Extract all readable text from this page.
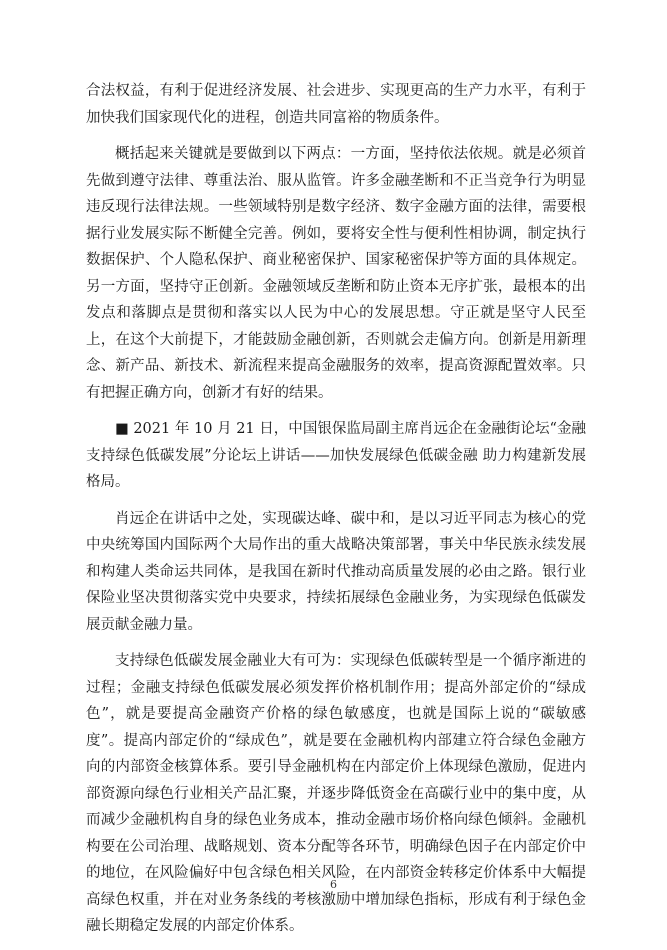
合法权益，有利于促进经济发展、社会进步、实现更高的生产力水平，有利于加快我们国家现代化的进程，创造共同富裕的物质条件。

概括起来关键就是要做到以下两点：一方面，坚持依法依规。就是必须首先做到遵守法律、尊重法治、服从监管。许多金融垄断和不正当竞争行为明显违反现行法律法规。一些领域特别是数字经济、数字金融方面的法律，需要根据行业发展实际不断健全完善。例如，要将安全性与便利性相协调，制定执行数据保护、个人隐私保护、商业秘密保护、国家秘密保护等方面的具体规定。另一方面，坚持守正创新。金融领域反垄断和防止资本无序扩张，最根本的出发点和落脚点是贯彻和落实以人民为中心的发展思想。守正就是坚守人民至上，在这个大前提下，才能鼓励金融创新，否则就会走偏方向。创新是用新理念、新产品、新技术、新流程来提高金融服务的效率，提高资源配置效率。只有把握正确方向，创新才有好的结果。

■ 2021 年 10 月 21 日，中国银保监局副主席肖远企在金融街论坛“金融支持绿色低碳发展”分论坛上讲话——加快发展绿色低碳金融 助力构建新发展格局。

肖远企在讲话中之处，实现碳达峰、碳中和，是以习近平同志为核心的党中央统筹国内国际两个大局作出的重大战略决策部署，事关中华民族永续发展和构建人类命运共同体，是我国在新时代推动高质量发展的必由之路。银行业保险业坚决贯彻落实党中央要求，持续拓展绿色金融业务，为实现绿色低碳发展贡献金融力量。

支持绿色低碳发展金融业大有可为：实现绿色低碳转型是一个循序渐进的过程；金融支持绿色低碳发展必须发挥价格机制作用；提高外部定价的“绿成色”，就是要提高金融资产价格的绿色敏感度，也就是国际上说的“碳敏感度”。提高内部定价的“绿成色”，就是要在金融机构内部建立符合绿色金融方向的内部资金核算体系。要引导金融机构在内部定价上体现绿色激励，促进内部资源向绿色行业相关产品汇聚，并逐步降低资金在高碳行业中的集中度，从而减少金融机构自身的绿色业务成本，推动金融市场价格向绿色倾斜。金融机构要在公司治理、战略规划、资本分配等各环节，明确绿色因子在内部定价中的地位，在风险偏好中包含绿色相关风险，在内部资金转移定价体系中大幅提高绿色权重，并在对业务条线的考核激励中增加绿色指标，形成有利于绿色金融长期稳定发展的内部定价体系。

6
